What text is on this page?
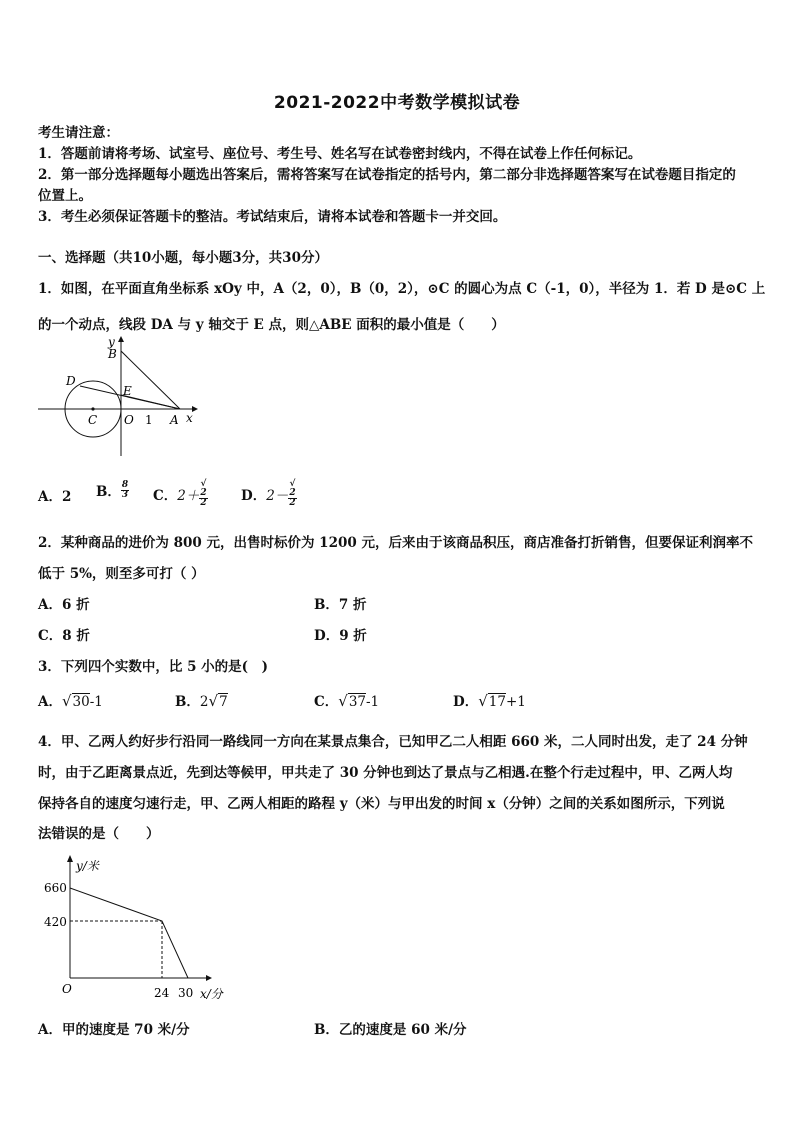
2021-2022中考数学模拟试卷
考生请注意：
1．答题前请将考场、试室号、座位号、考生号、姓名写在试卷密封线内，不得在试卷上作任何标记。
2．第一部分选择题每小题选出答案后，需将答案写在试卷指定的括号内，第二部分非选择题答案写在试卷题目指定的
位置上。
3．考生必须保证答题卡的整洁。考试结束后，请将本试卷和答题卡一并交回。
一、选择题（共10小题，每小题3分，共30分）
1．如图，在平面直角坐标系 xOy 中，A（2，0），B（0，2），⊙C 的圆心为点 C（-1，0），半径为 1．若 D 是⊙C 上
的一个动点，线段 DA 与 y 轴交于 E 点，则△ABE 面积的最小值是（　　）
y
B
D
E
C O 1 A x
A．2 B． $\frac{8}{3}$ C．2＋ √
2
2 D．2－ √
2
2
2．某种商品的进价为 800 元，出售时标价为 1200 元，后来由于该商品积压，商店准备打折销售，但要保证利润率不
低于 5%，则至多可打（ ）
A．6 折	B．7 折
C．8 折	D．9 折
3．下列四个实数中，比 5 小的是(　)
A．√30-1	B．2√7	C．√37-1	D．√17+1
4．甲、乙两人约好步行沿同一路线同一方向在某景点集合，已知甲乙二人相距 660 米，二人同时出发，走了 24 分钟
时，由于乙距离景点近，先到达等候甲，甲共走了 30 分钟也到达了景点与乙相遇.在整个行走过程中，甲、乙两人均
保持各自的速度匀速行走，甲、乙两人相距的路程 y（米）与甲出发的时间 x（分钟）之间的关系如图所示，下列说
法错误的是（　　）
y/米
660
420
O	24 30 x/分
A．甲的速度是 70 米/分	B．乙的速度是 60 米/分
